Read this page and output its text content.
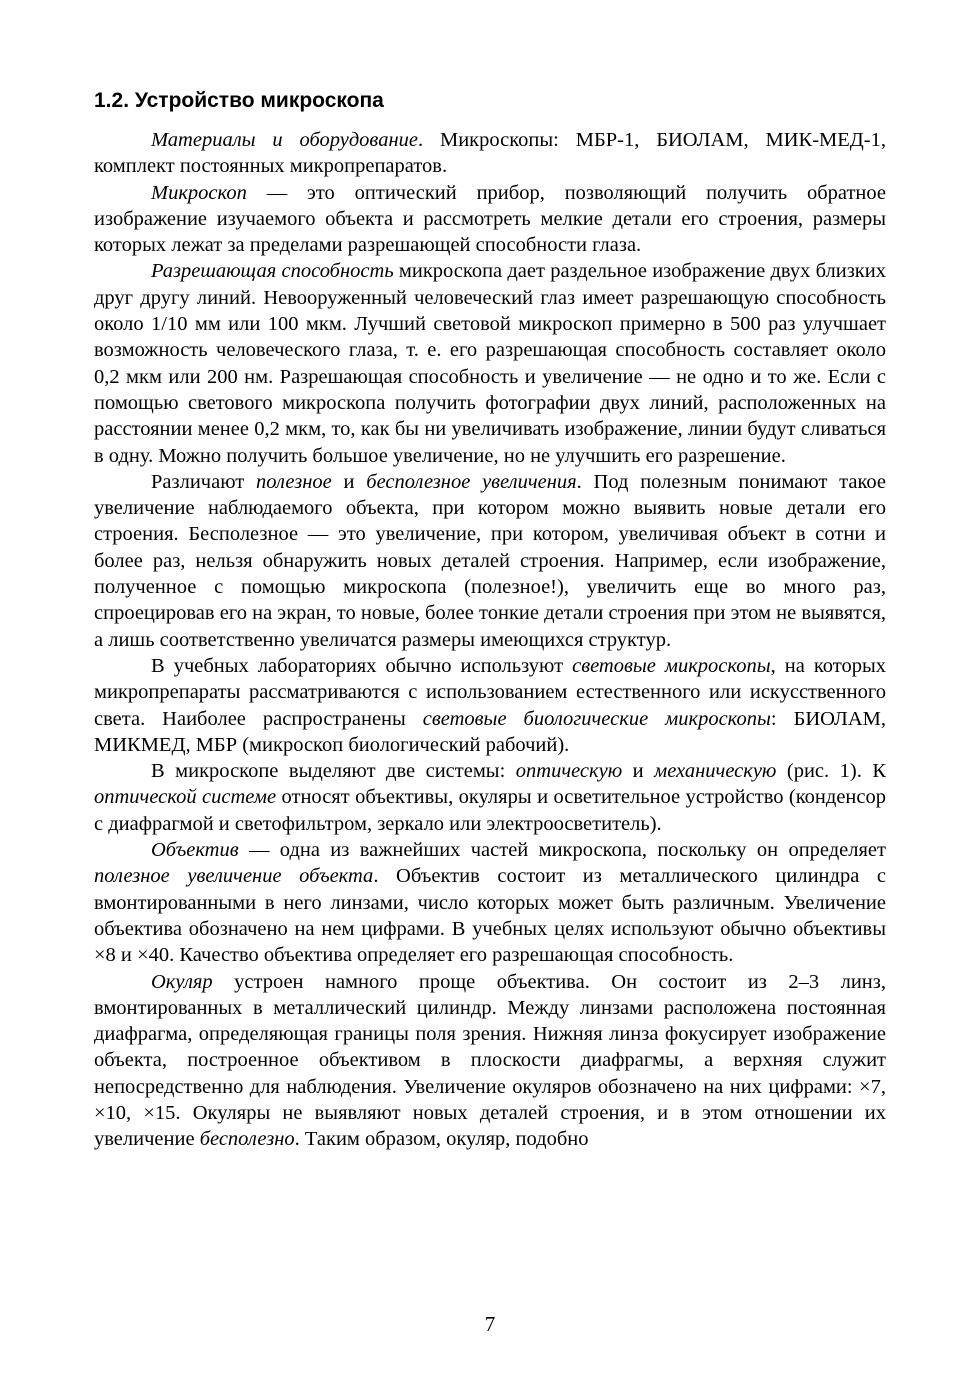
1.2. Устройство микроскопа

Материалы и оборудование. Микроскопы: МБР-1, БИОЛАМ, МИК-МЕД-1, комплект постоянных микропрепаратов.

Микроскоп — это оптический прибор, позволяющий получить обратное изображение изучаемого объекта и рассмотреть мелкие детали его строения, размеры которых лежат за пределами разрешающей способности глаза.

Разрешающая способность микроскопа дает раздельное изображение двух близких друг другу линий. Невооруженный человеческий глаз имеет разрешающую способность около 1/10 мм или 100 мкм. Лучший световой микроскоп примерно в 500 раз улучшает возможность человеческого глаза, т. е. его разрешающая способность составляет около 0,2 мкм или 200 нм. Разрешающая способность и увеличение — не одно и то же. Если с помощью светового микроскопа получить фотографии двух линий, расположенных на расстоянии менее 0,2 мкм, то, как бы ни увеличивать изображение, линии будут сливаться в одну. Можно получить большое увеличение, но не улучшить его разрешение.

Различают полезное и бесполезное увеличения. Под полезным понимают такое увеличение наблюдаемого объекта, при котором можно выявить новые детали его строения. Бесполезное — это увеличение, при котором, увеличивая объект в сотни и более раз, нельзя обнаружить новых деталей строения. Например, если изображение, полученное с помощью микроскопа (полезное!), увеличить еще во много раз, спроецировав его на экран, то новые, более тонкие детали строения при этом не выявятся, а лишь соответственно увеличатся размеры имеющихся структур.

В учебных лабораториях обычно используют световые микроскопы, на которых микропрепараты рассматриваются с использованием естественного или искусственного света. Наиболее распространены световые биологические микроскопы: БИОЛАМ, МИКМЕД, МБР (микроскоп биологический рабочий).

В микроскопе выделяют две системы: оптическую и механическую (рис. 1). К оптической системе относят объективы, окуляры и осветительное устройство (конденсор с диафрагмой и светофильтром, зеркало или электроосветитель).

Объектив — одна из важнейших частей микроскопа, поскольку он определяет полезное увеличение объекта. Объектив состоит из металлического цилиндра с вмонтированными в него линзами, число которых может быть различным. Увеличение объектива обозначено на нем цифрами. В учебных целях используют обычно объективы ×8 и ×40. Качество объектива определяет его разрешающая способность.

Окуляр устроен намного проще объектива. Он состоит из 2–3 линз, вмонтированных в металлический цилиндр. Между линзами расположена постоянная диафрагма, определяющая границы поля зрения. Нижняя линза фокусирует изображение объекта, построенное объективом в плоскости диафрагмы, а верхняя служит непосредственно для наблюдения. Увеличение окуляров обозначено на них цифрами: ×7, ×10, ×15. Окуляры не выявляют новых деталей строения, и в этом отношении их увеличение бесполезно. Таким образом, окуляр, подобно

7
